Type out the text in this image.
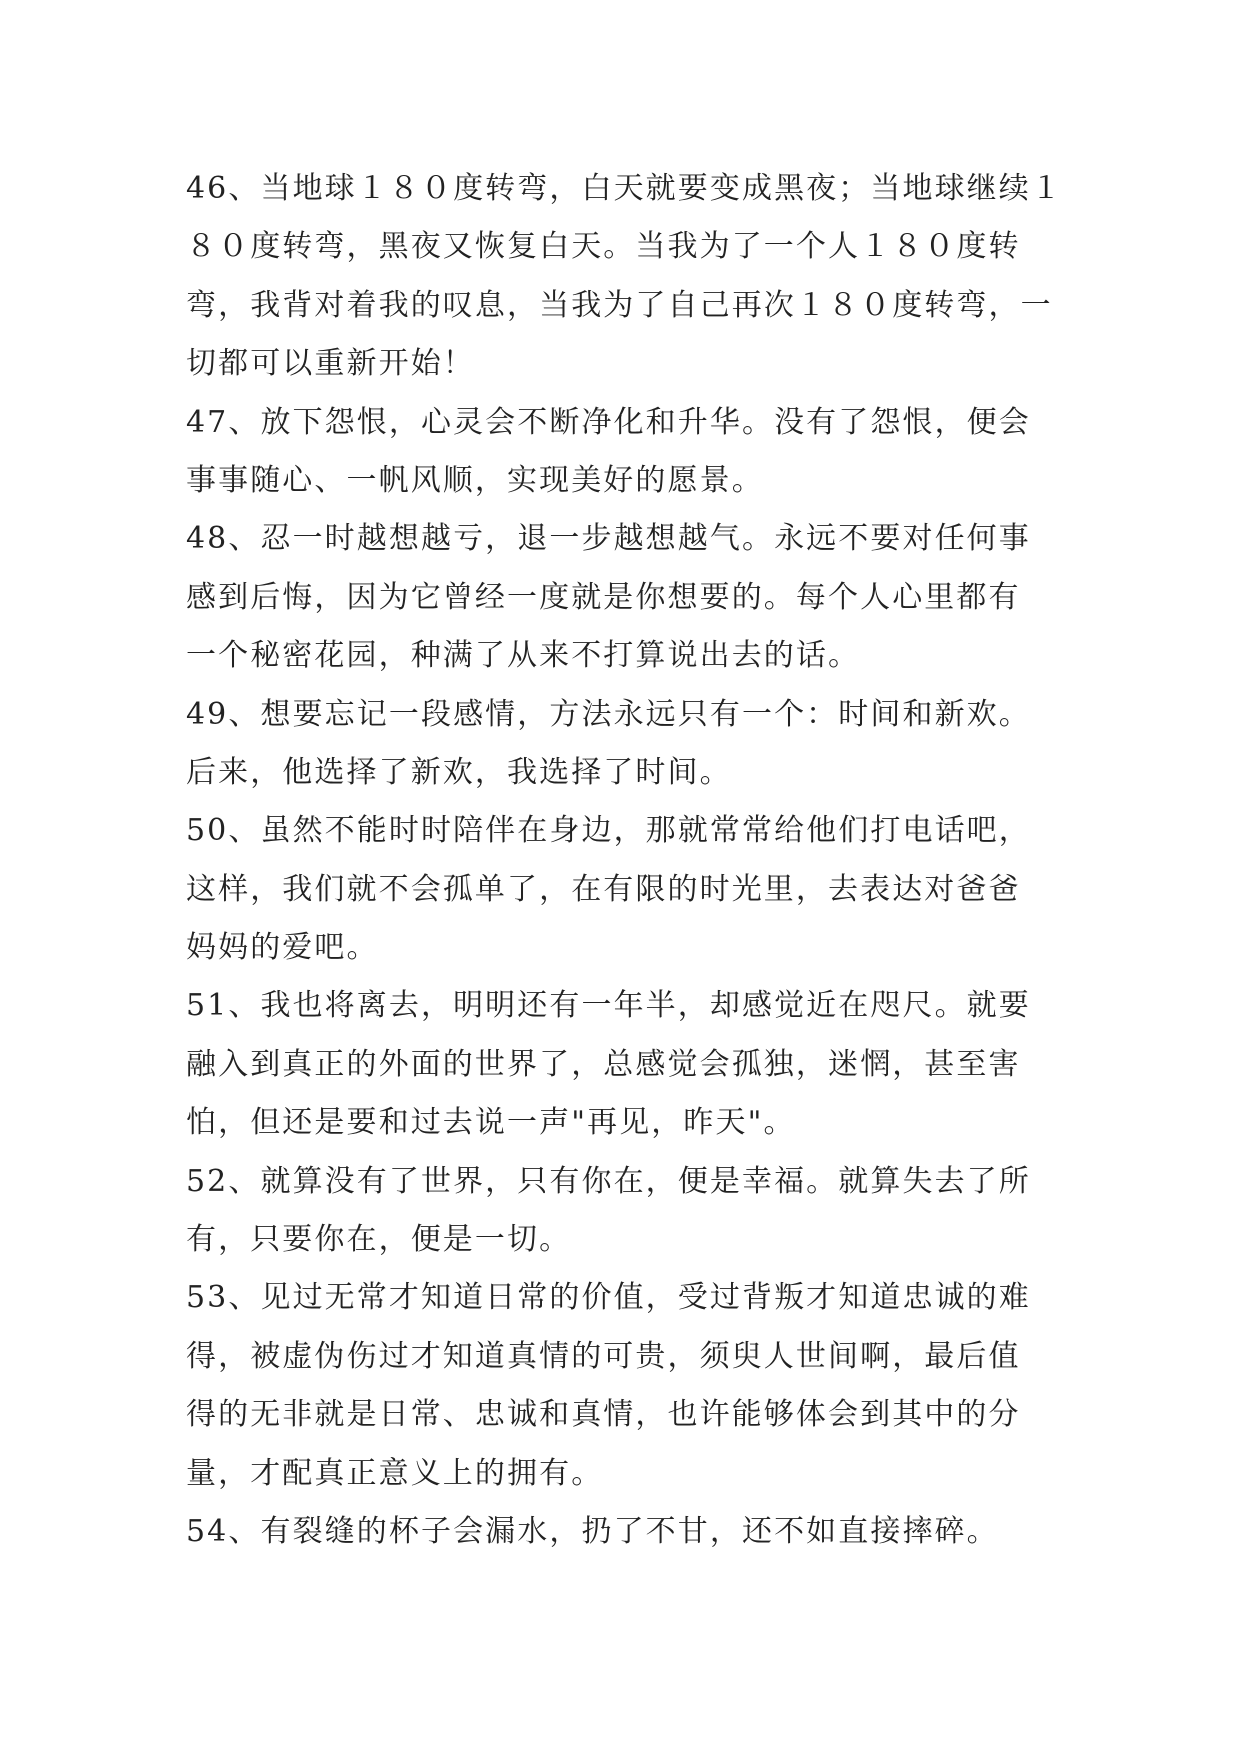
46、当地球１８０度转弯，白天就要变成黑夜；当地球继续１
８０度转弯，黑夜又恢复白天。当我为了一个人１８０度转
弯，我背对着我的叹息，当我为了自己再次１８０度转弯，一
切都可以重新开始！
47、放下怨恨，心灵会不断净化和升华。没有了怨恨，便会
事事随心、一帆风顺，实现美好的愿景。
48、忍一时越想越亏，退一步越想越气。永远不要对任何事
感到后悔，因为它曾经一度就是你想要的。每个人心里都有
一个秘密花园，种满了从来不打算说出去的话。
49、想要忘记一段感情，方法永远只有一个：时间和新欢。
后来，他选择了新欢，我选择了时间。
50、虽然不能时时陪伴在身边，那就常常给他们打电话吧，
这样，我们就不会孤单了，在有限的时光里，去表达对爸爸
妈妈的爱吧。
51、我也将离去，明明还有一年半，却感觉近在咫尺。就要
融入到真正的外面的世界了，总感觉会孤独，迷惘，甚至害
怕，但还是要和过去说一声"再见，昨天"。
52、就算没有了世界，只有你在，便是幸福。就算失去了所
有，只要你在，便是一切。
53、见过无常才知道日常的价值，受过背叛才知道忠诚的难
得，被虚伪伤过才知道真情的可贵，须臾人世间啊，最后值
得的无非就是日常、忠诚和真情，也许能够体会到其中的分
量，才配真正意义上的拥有。
54、有裂缝的杯子会漏水，扔了不甘，还不如直接摔碎。
